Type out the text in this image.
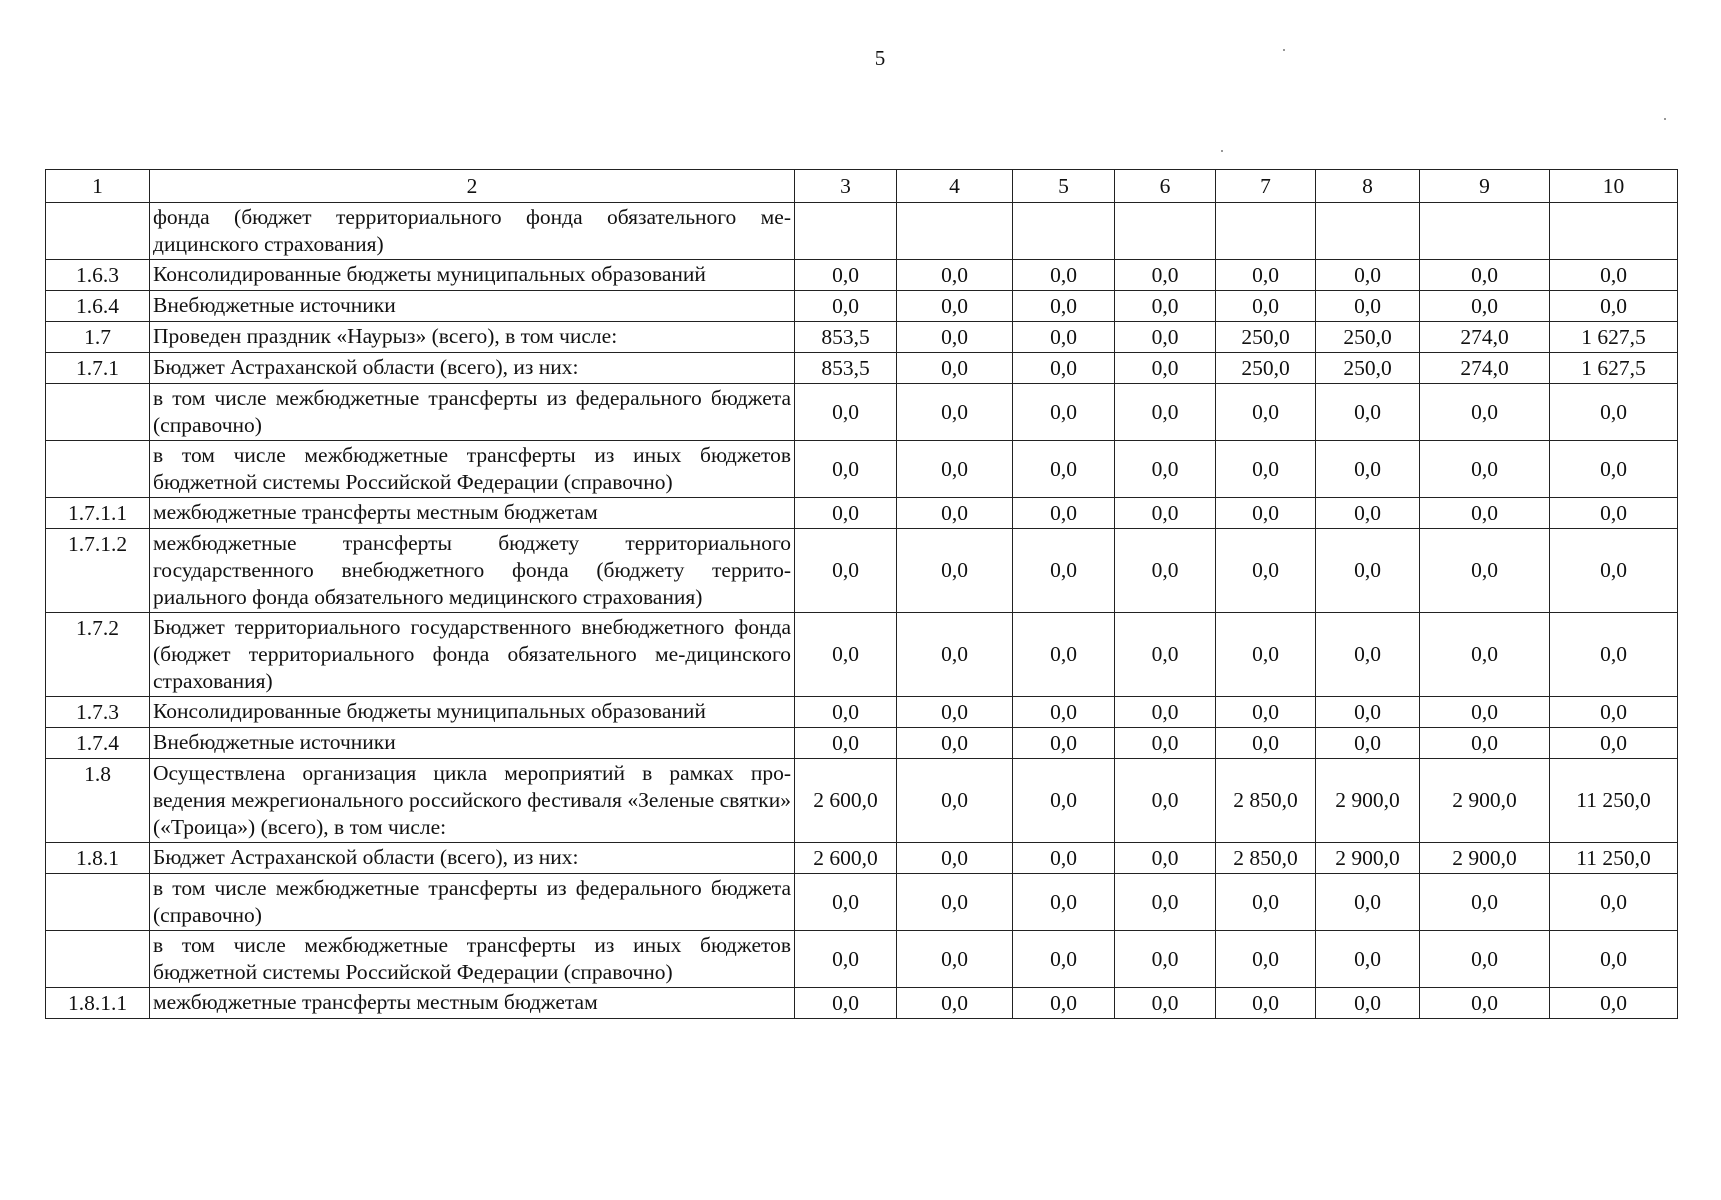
5
1	2	3	4	5	6	7	8	9	10
	фонда (бюджет территориального фонда обязательного ме-дицинского страхования)								
1.6.3	Консолидированные бюджеты муниципальных образований	0,0	0,0	0,0	0,0	0,0	0,0	0,0	0,0
1.6.4	Внебюджетные источники	0,0	0,0	0,0	0,0	0,0	0,0	0,0	0,0
1.7	Проведен праздник «Наурыз» (всего), в том числе:	853,5	0,0	0,0	0,0	250,0	250,0	274,0	1 627,5
1.7.1	Бюджет Астраханской области (всего), из них:	853,5	0,0	0,0	0,0	250,0	250,0	274,0	1 627,5
	в том числе межбюджетные трансферты из федерального бюджета (справочно)	0,0	0,0	0,0	0,0	0,0	0,0	0,0	0,0
	в том числе межбюджетные трансферты из иных бюджетов бюджетной системы Российской Федерации (справочно)	0,0	0,0	0,0	0,0	0,0	0,0	0,0	0,0
1.7.1.1	межбюджетные трансферты местным бюджетам	0,0	0,0	0,0	0,0	0,0	0,0	0,0	0,0
1.7.1.2	межбюджетные трансферты бюджету территориального государственного внебюджетного фонда (бюджету террито-риального фонда обязательного медицинского страхования)	0,0	0,0	0,0	0,0	0,0	0,0	0,0	0,0
1.7.2	Бюджет территориального государственного внебюджетного фонда (бюджет территориального фонда обязательного ме-дицинского страхования)	0,0	0,0	0,0	0,0	0,0	0,0	0,0	0,0
1.7.3	Консолидированные бюджеты муниципальных образований	0,0	0,0	0,0	0,0	0,0	0,0	0,0	0,0
1.7.4	Внебюджетные источники	0,0	0,0	0,0	0,0	0,0	0,0	0,0	0,0
1.8	Осуществлена организация цикла мероприятий в рамках про-ведения межрегионального российского фестиваля «Зеленые святки» («Троица») (всего), в том числе:	2 600,0	0,0	0,0	0,0	2 850,0	2 900,0	2 900,0	11 250,0
1.8.1	Бюджет Астраханской области (всего), из них:	2 600,0	0,0	0,0	0,0	2 850,0	2 900,0	2 900,0	11 250,0
	в том числе межбюджетные трансферты из федерального бюджета (справочно)	0,0	0,0	0,0	0,0	0,0	0,0	0,0	0,0
	в том числе межбюджетные трансферты из иных бюджетов бюджетной системы Российской Федерации (справочно)	0,0	0,0	0,0	0,0	0,0	0,0	0,0	0,0
1.8.1.1	межбюджетные трансферты местным бюджетам	0,0	0,0	0,0	0,0	0,0	0,0	0,0	0,0
